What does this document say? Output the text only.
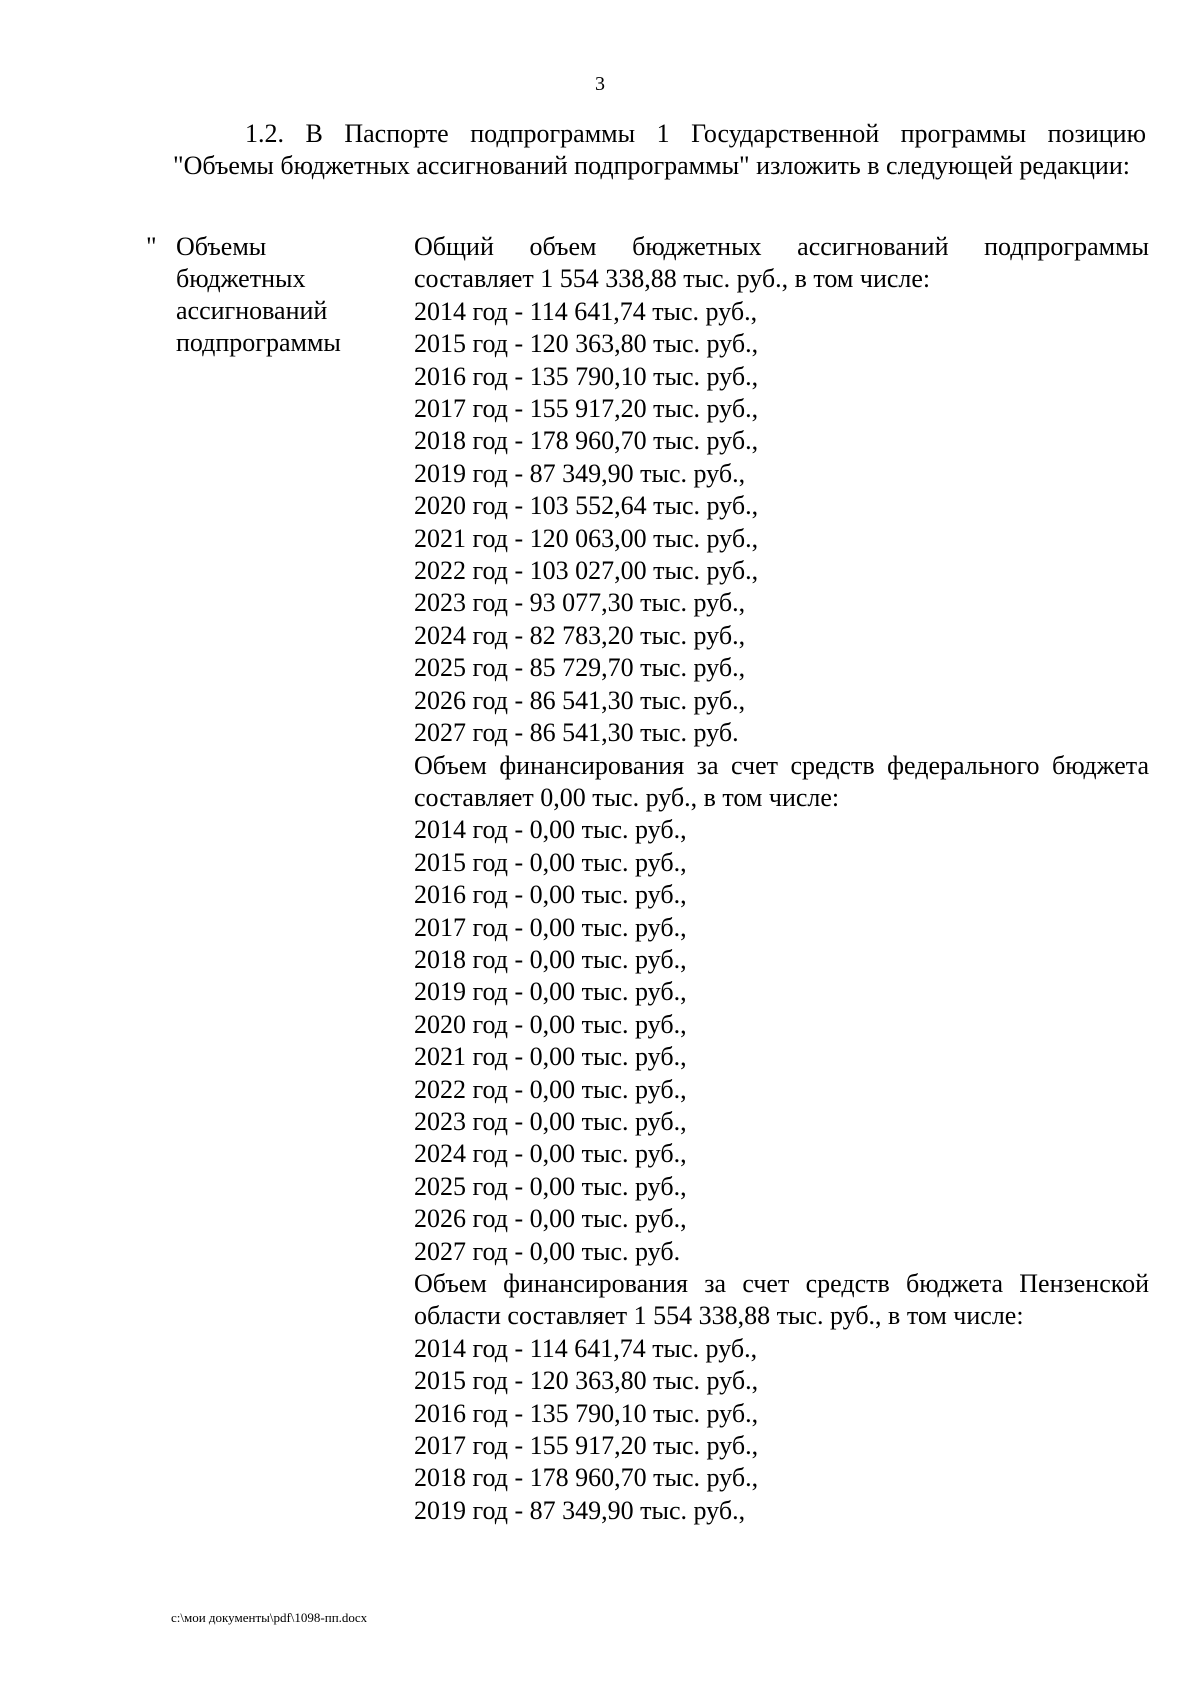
3

1.2. В Паспорте подпрограммы 1 Государственной программы позицию "Объемы бюджетных ассигнований подпрограммы" изложить в следующей редакции:

" Объемы
бюджетных
ассигнований
подпрограммы

Общий объем бюджетных ассигнований подпрограммы составляет 1 554 338,88 тыс. руб., в том числе:

2014 год - 114 641,74 тыс. руб.,

2015 год - 120 363,80 тыс. руб.,

2016 год - 135 790,10 тыс. руб.,

2017 год - 155 917,20 тыс. руб.,

2018 год - 178 960,70 тыс. руб.,

2019 год - 87 349,90 тыс. руб.,

2020 год - 103 552,64 тыс. руб.,

2021 год - 120 063,00 тыс. руб.,

2022 год - 103 027,00 тыс. руб.,

2023 год - 93 077,30 тыс. руб.,

2024 год - 82 783,20 тыс. руб.,

2025 год - 85 729,70 тыс. руб.,

2026 год - 86 541,30 тыс. руб.,

2027 год - 86 541,30 тыс. руб.

Объем финансирования за счет средств федерального бюджета составляет 0,00 тыс. руб., в том числе:

2014 год - 0,00 тыс. руб.,

2015 год - 0,00 тыс. руб.,

2016 год - 0,00 тыс. руб.,

2017 год - 0,00 тыс. руб.,

2018 год - 0,00 тыс. руб.,

2019 год - 0,00 тыс. руб.,

2020 год - 0,00 тыс. руб.,

2021 год - 0,00 тыс. руб.,

2022 год - 0,00 тыс. руб.,

2023 год - 0,00 тыс. руб.,

2024 год - 0,00 тыс. руб.,

2025 год - 0,00 тыс. руб.,

2026 год - 0,00 тыс. руб.,

2027 год - 0,00 тыс. руб.

Объем финансирования за счет средств бюджета Пензенской области составляет 1 554 338,88 тыс. руб., в том числе:

2014 год - 114 641,74 тыс. руб.,

2015 год - 120 363,80 тыс. руб.,

2016 год - 135 790,10 тыс. руб.,

2017 год - 155 917,20 тыс. руб.,

2018 год - 178 960,70 тыс. руб.,

2019 год - 87 349,90 тыс. руб.,

c:\мои документы\pdf\1098-пп.docx
